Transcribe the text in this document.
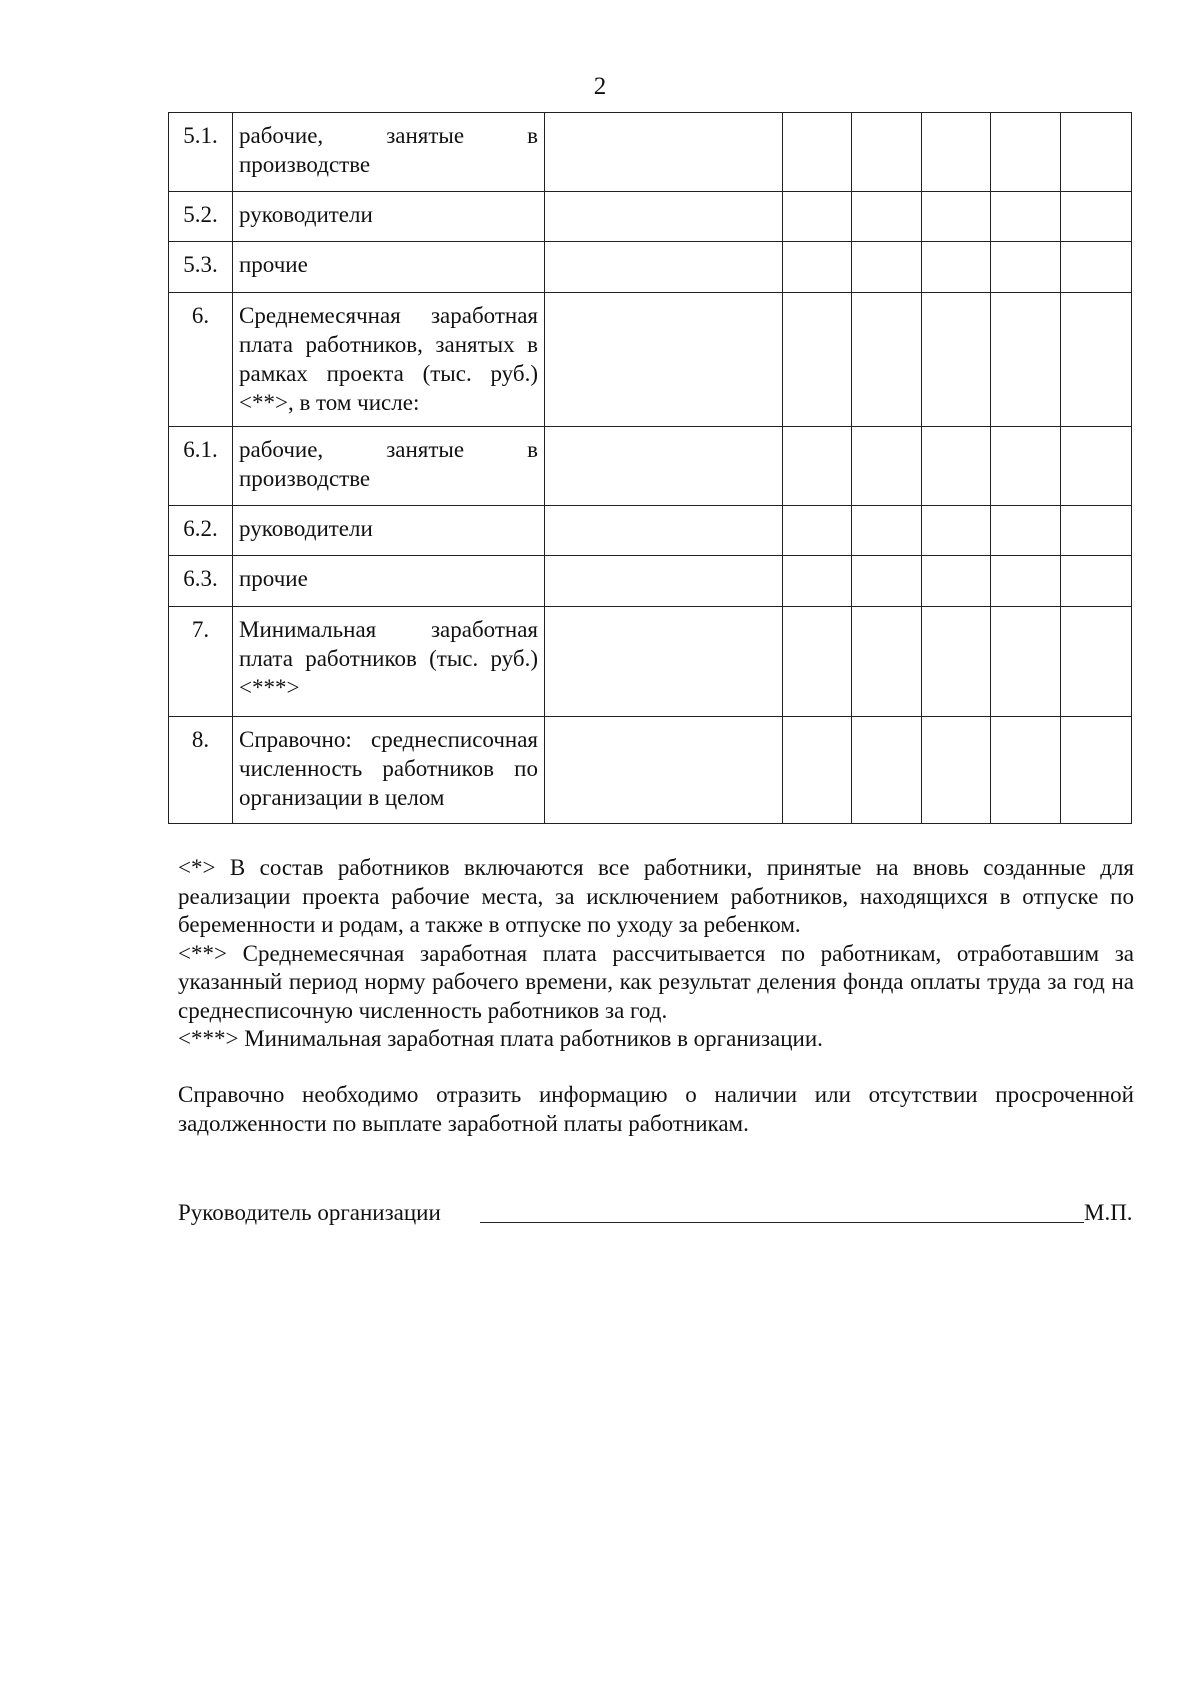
2
5.1.	рабочие, занятые в
производстве						

5.2.	руководители						

5.3.	прочие						

6.	Среднемесячная заработная
плата работников, занятых в
рамках проекта (тыс. руб.)
<**>, в том числе:						

6.1.	рабочие, занятые в
производстве						

6.2.	руководители						

6.3.	прочие						

7.	Минимальная заработная
плата работников (тыс. руб.)
<***>						

8.	Справочно: среднесписочная
численность работников по
организации в целом						

<*> В состав работников включаются все работники, принятые на вновь созданные для реализации проекта рабочие места, за исключением работников, находящихся в отпуске по беременности и родам, а также в отпуске по уходу за ребенком.

<**> Среднемесячная заработная плата рассчитывается по работникам, отработавшим за указанный период норму рабочего времени, как результат деления фонда оплаты труда за год на среднесписочную численность работников за год.

<***> Минимальная заработная плата работников в организации.

Справочно необходимо отразить информацию о наличии или отсутствии просроченной задолженности по выплате заработной платы работникам.

Руководитель организации	М.П.
